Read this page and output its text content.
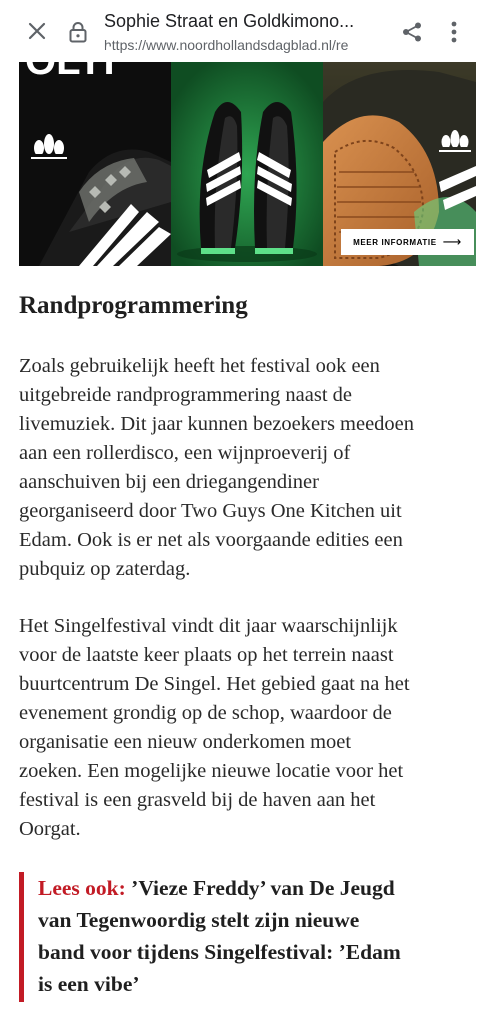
Sophie Straat en Goldkimono...
https://www.noordhollandsdagblad.nl/re
OLYI
MEER INFORMATIE ⟶
Randprogrammering

Zoals gebruikelijk heeft het festival ook een
uitgebreide randprogrammering naast de
livemuziek. Dit jaar kunnen bezoekers meedoen
aan een rollerdisco, een wijnproeverij of
aanschuiven bij een driegangendiner
georganiseerd door Two Guys One Kitchen uit
Edam. Ook is er net als voorgaande edities een
pubquiz op zaterdag.

Het Singelfestival vindt dit jaar waarschijnlijk
voor de laatste keer plaats op het terrein naast
buurtcentrum De Singel. Het gebied gaat na het
evenement grondig op de schop, waardoor de
organisatie een nieuw onderkomen moet
zoeken. Een mogelijke nieuwe locatie voor het
festival is een grasveld bij de haven aan het
Oorgat.

Lees ook: ’Vieze Freddy’ van De Jeugd
van Tegenwoordig stelt zijn nieuwe
band voor tijdens Singelfestival: ’Edam
is een vibe’
